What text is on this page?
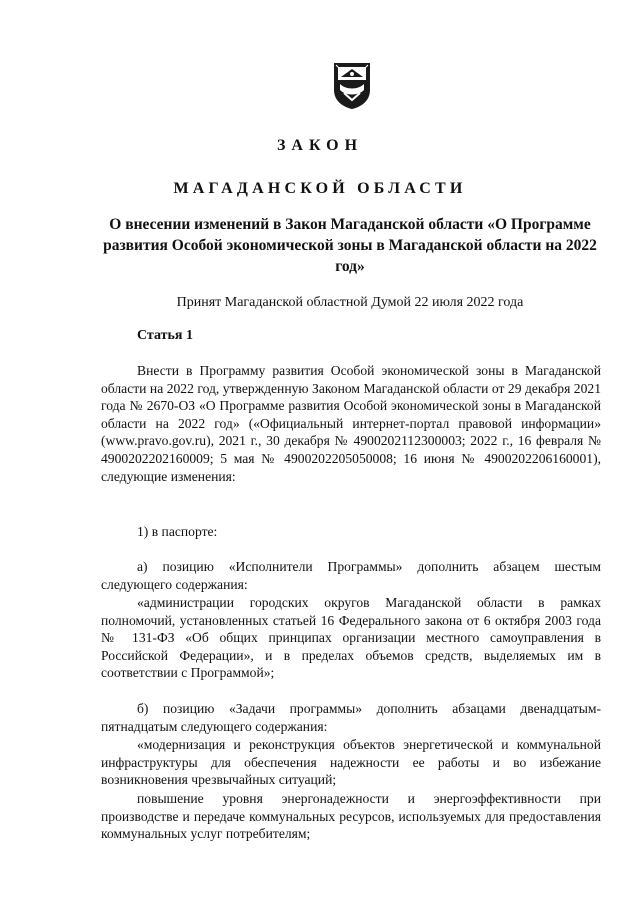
ЗАКОН
МАГАДАНСКОЙ ОБЛАСТИ
О внесении изменений в Закон Магаданской области «О Программе развития Особой экономической зоны в Магаданской области на 2022 год»
Принят Магаданской областной Думой 22 июля 2022 года
Статья 1

Внести в Программу развития Особой экономической зоны в Магаданской области на 2022 год, утвержденную Законом Магаданской области от 29 декабря 2021 года № 2670-ОЗ «О Программе развития Особой экономической зоны в Магаданской области на 2022 год» («Официальный интернет-портал правовой информации» (www.pravo.gov.ru), 2021 г., 30 декабря № 4900202112300003; 2022 г., 16 февраля № 4900202202160009; 5 мая № 4900202205050008; 16 июня № 4900202206160001), следующие изменения:

1) в паспорте:

а) позицию «Исполнители Программы» дополнить абзацем шестым следующего содержания:

«администрации городских округов Магаданской области в рамках полномочий, установленных статьей 16 Федерального закона от 6 октября 2003 года № 131-ФЗ «Об общих принципах организации местного самоуправления в Российской Федерации», и в пределах объемов средств, выделяемых им в соответствии с Программой»;

б) позицию «Задачи программы» дополнить абзацами двенадцатым-пятнадцатым следующего содержания:

«модернизация и реконструкция объектов энергетической и коммунальной инфраструктуры для обеспечения надежности ее работы и во избежание возникновения чрезвычайных ситуаций;

повышение уровня энергонадежности и энергоэффективности при производстве и передаче коммунальных ресурсов, используемых для предоставления коммунальных услуг потребителям;
